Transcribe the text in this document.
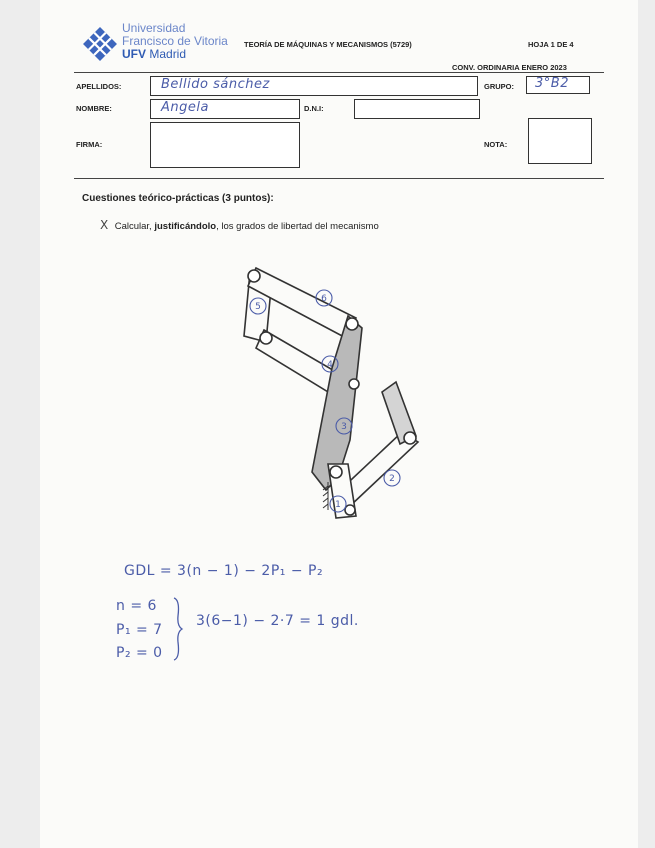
Universidad
Francisco de Vitoria
UFV Madrid
TEORÍA DE MÁQUINAS Y MECANISMOS (5729)	HOJA 1 DE 4
CONV. ORDINARIA ENERO 2023
APELLIDOS:	Bellido sánchez	GRUPO: 3°B2
NOMBRE:	Angela	D.N.I:
FIRMA:	NOTA:
Cuestiones teórico-prácticas (3 puntos):
X Calcular, justificándolo, los grados de libertad del mecanismo
5
6
4
3
2
1
GDL = 3(n − 1) − 2P₁ − P₂
n = 6
P₁ = 7
P₂ = 0
3(6−1) − 2·7 = 1 gdl.
